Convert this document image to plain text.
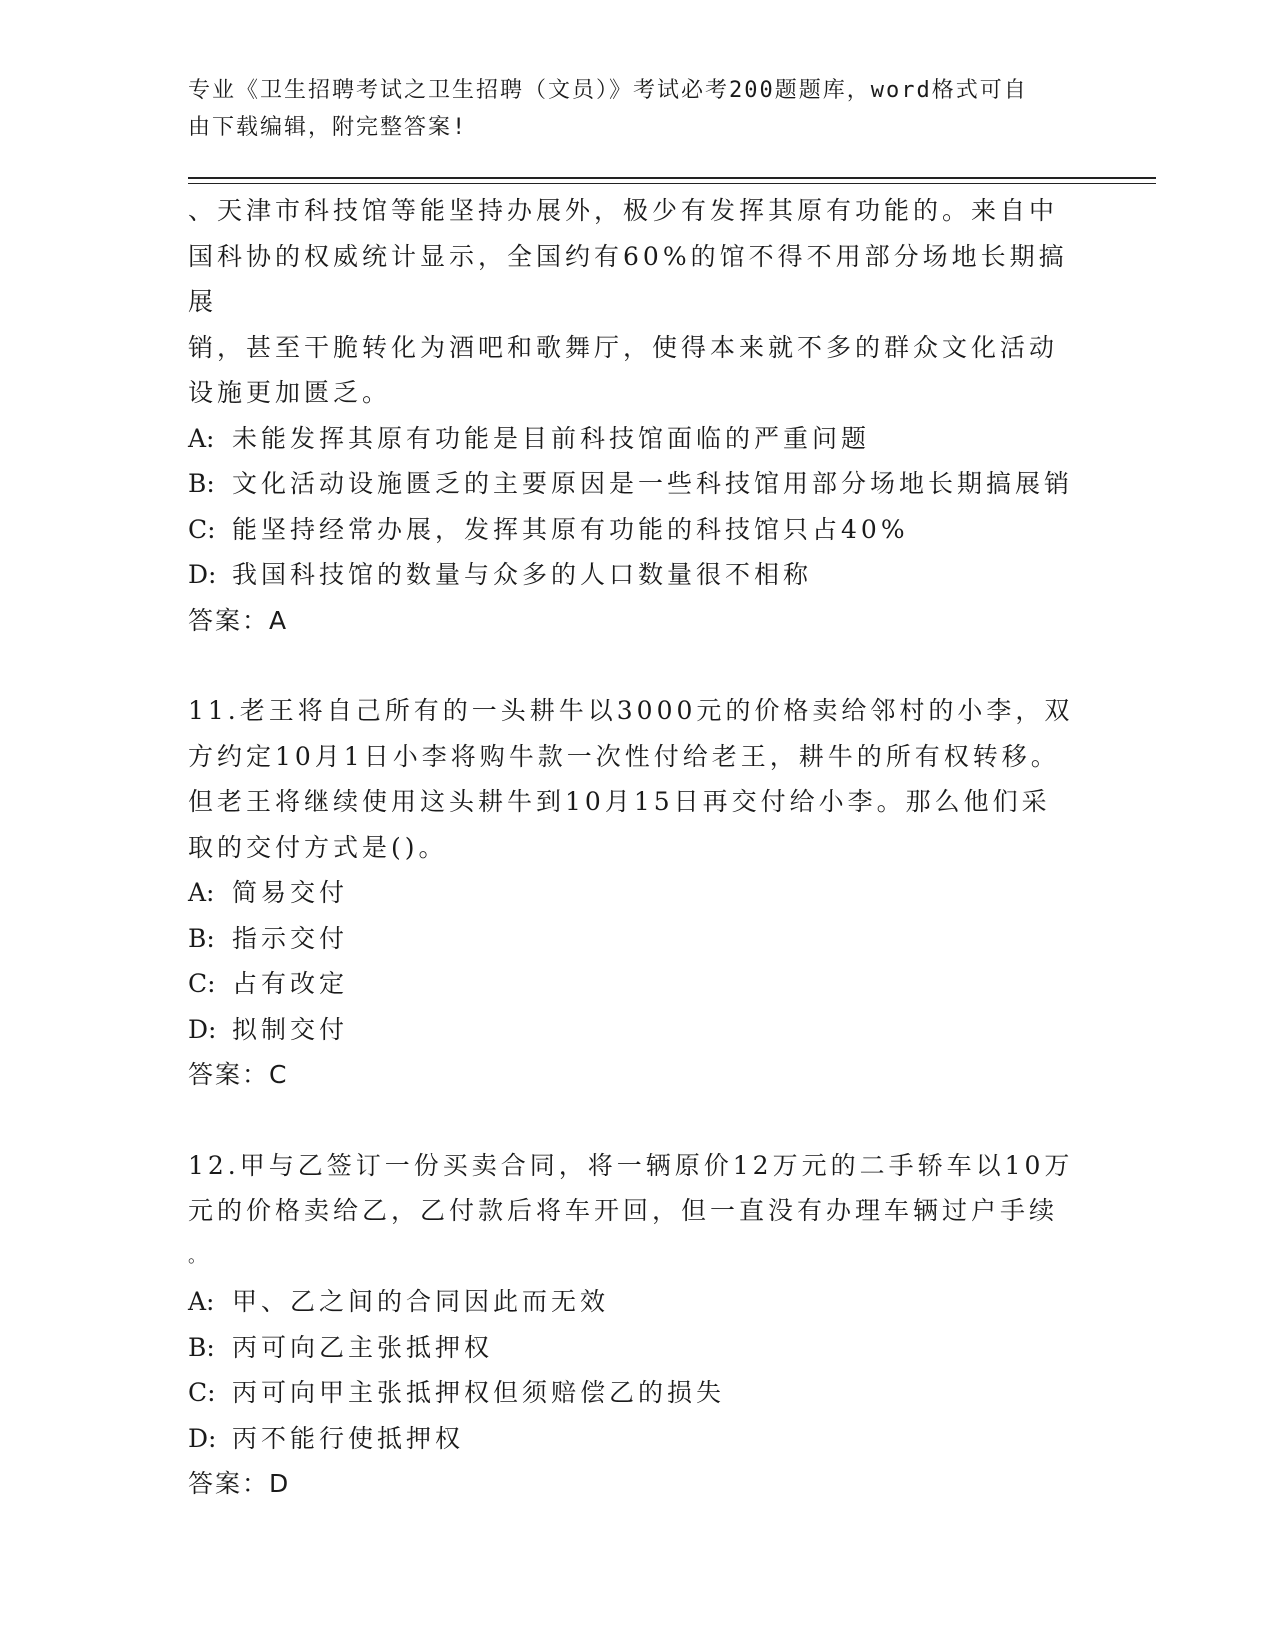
专业《卫生招聘考试之卫生招聘（文员）》考试必考200题题库，word格式可自
由下载编辑，附完整答案!

、天津市科技馆等能坚持办展外，极少有发挥其原有功能的。来自中
国科协的权威统计显示，全国约有60%的馆不得不用部分场地长期搞展
销，甚至干脆转化为酒吧和歌舞厅，使得本来就不多的群众文化活动
设施更加匮乏。

A: 未能发挥其原有功能是目前科技馆面临的严重问题

B: 文化活动设施匮乏的主要原因是一些科技馆用部分场地长期搞展销

C: 能坚持经常办展，发挥其原有功能的科技馆只占40%

D: 我国科技馆的数量与众多的人口数量很不相称

答案：A

11.老王将自己所有的一头耕牛以3000元的价格卖给邻村的小李，双
方约定10月1日小李将购牛款一次性付给老王，耕牛的所有权转移。
但老王将继续使用这头耕牛到10月15日再交付给小李。那么他们采
取的交付方式是()。

A: 简易交付

B: 指示交付

C: 占有改定

D: 拟制交付

答案：C

12.甲与乙签订一份买卖合同，将一辆原价12万元的二手轿车以10万
元的价格卖给乙，乙付款后将车开回，但一直没有办理车辆过户手续
。

A: 甲、乙之间的合同因此而无效

B: 丙可向乙主张抵押权

C: 丙可向甲主张抵押权但须赔偿乙的损失

D: 丙不能行使抵押权

答案：D
